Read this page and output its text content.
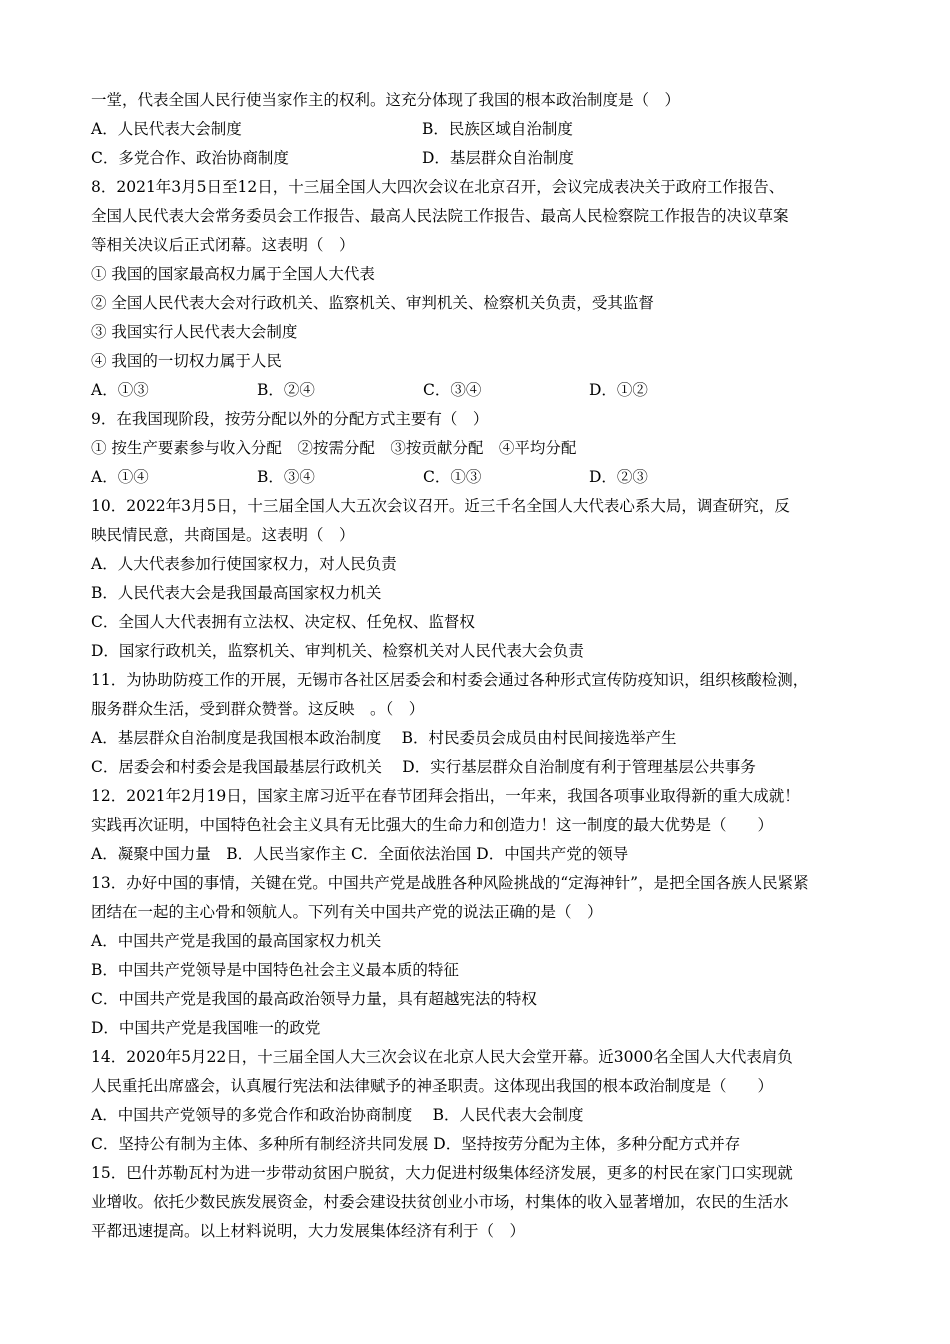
一堂，代表全国人民行使当家作主的权利。这充分体现了我国的根本政治制度是（　）
A．人民代表大会制度	B．民族区域自治制度
C．多党合作、政治协商制度	D．基层群众自治制度
8．2021年3月5日至12日，十三届全国人大四次会议在北京召开，会议完成表决关于政府工作报告、
全国人民代表大会常务委员会工作报告、最高人民法院工作报告、最高人民检察院工作报告的决议草案
等相关决议后正式闭幕。这表明（　）
① 我国的国家最高权力属于全国人大代表
② 全国人民代表大会对行政机关、监察机关、审判机关、检察机关负责，受其监督
③ 我国实行人民代表大会制度
④ 我国的一切权力属于人民
A．①③	B．②④	C．③④	D．①②
9．在我国现阶段，按劳分配以外的分配方式主要有（　）
① 按生产要素参与收入分配　②按需分配　③按贡献分配　④平均分配
A．①④	B．③④	C．①③	D．②③
10．2022年3月5日，十三届全国人大五次会议召开。近三千名全国人大代表心系大局，调查研究，反
映民情民意，共商国是。这表明（　）
A．人大代表参加行使国家权力，对人民负责
B．人民代表大会是我国最高国家权力机关
C．全国人大代表拥有立法权、决定权、任免权、监督权
D．国家行政机关，监察机关、审判机关、检察机关对人民代表大会负责
11．为协助防疫工作的开展，无锡市各社区居委会和村委会通过各种形式宣传防疫知识，组织核酸检测，
服务群众生活，受到群众赞誉。这反映　。（　）
A．基层群众自治制度是我国根本政治制度　 B．村民委员会成员由村民间接选举产生
C．居委会和村委会是我国最基层行政机关　 D．实行基层群众自治制度有利于管理基层公共事务
12．2021年2月19日，国家主席习近平在春节团拜会指出，一年来，我国各项事业取得新的重大成就！
实践再次证明，中国特色社会主义具有无比强大的生命力和创造力！这一制度的最大优势是（　　）
A．凝聚中国力量　B．人民当家作主 C．全面依法治国 D．中国共产党的领导
13．办好中国的事情，关键在党。中国共产党是战胜各种风险挑战的“定海神针”，是把全国各族人民紧紧
团结在一起的主心骨和领航人。下列有关中国共产党的说法正确的是（　）
A．中国共产党是我国的最高国家权力机关
B．中国共产党领导是中国特色社会主义最本质的特征
C．中国共产党是我国的最高政治领导力量，具有超越宪法的特权
D．中国共产党是我国唯一的政党
14．2020年5月22日，十三届全国人大三次会议在北京人民大会堂开幕。近3000名全国人大代表肩负
人民重托出席盛会，认真履行宪法和法律赋予的神圣职责。这体现出我国的根本政治制度是（　　）
A．中国共产党领导的多党合作和政治协商制度　 B．人民代表大会制度
C．坚持公有制为主体、多种所有制经济共同发展 D．坚持按劳分配为主体，多种分配方式并存
15．巴什苏勒瓦村为进一步带动贫困户脱贫，大力促进村级集体经济发展，更多的村民在家门口实现就
业增收。依托少数民族发展资金，村委会建设扶贫创业小市场，村集体的收入显著增加，农民的生活水
平都迅速提高。以上材料说明，大力发展集体经济有利于（　）
